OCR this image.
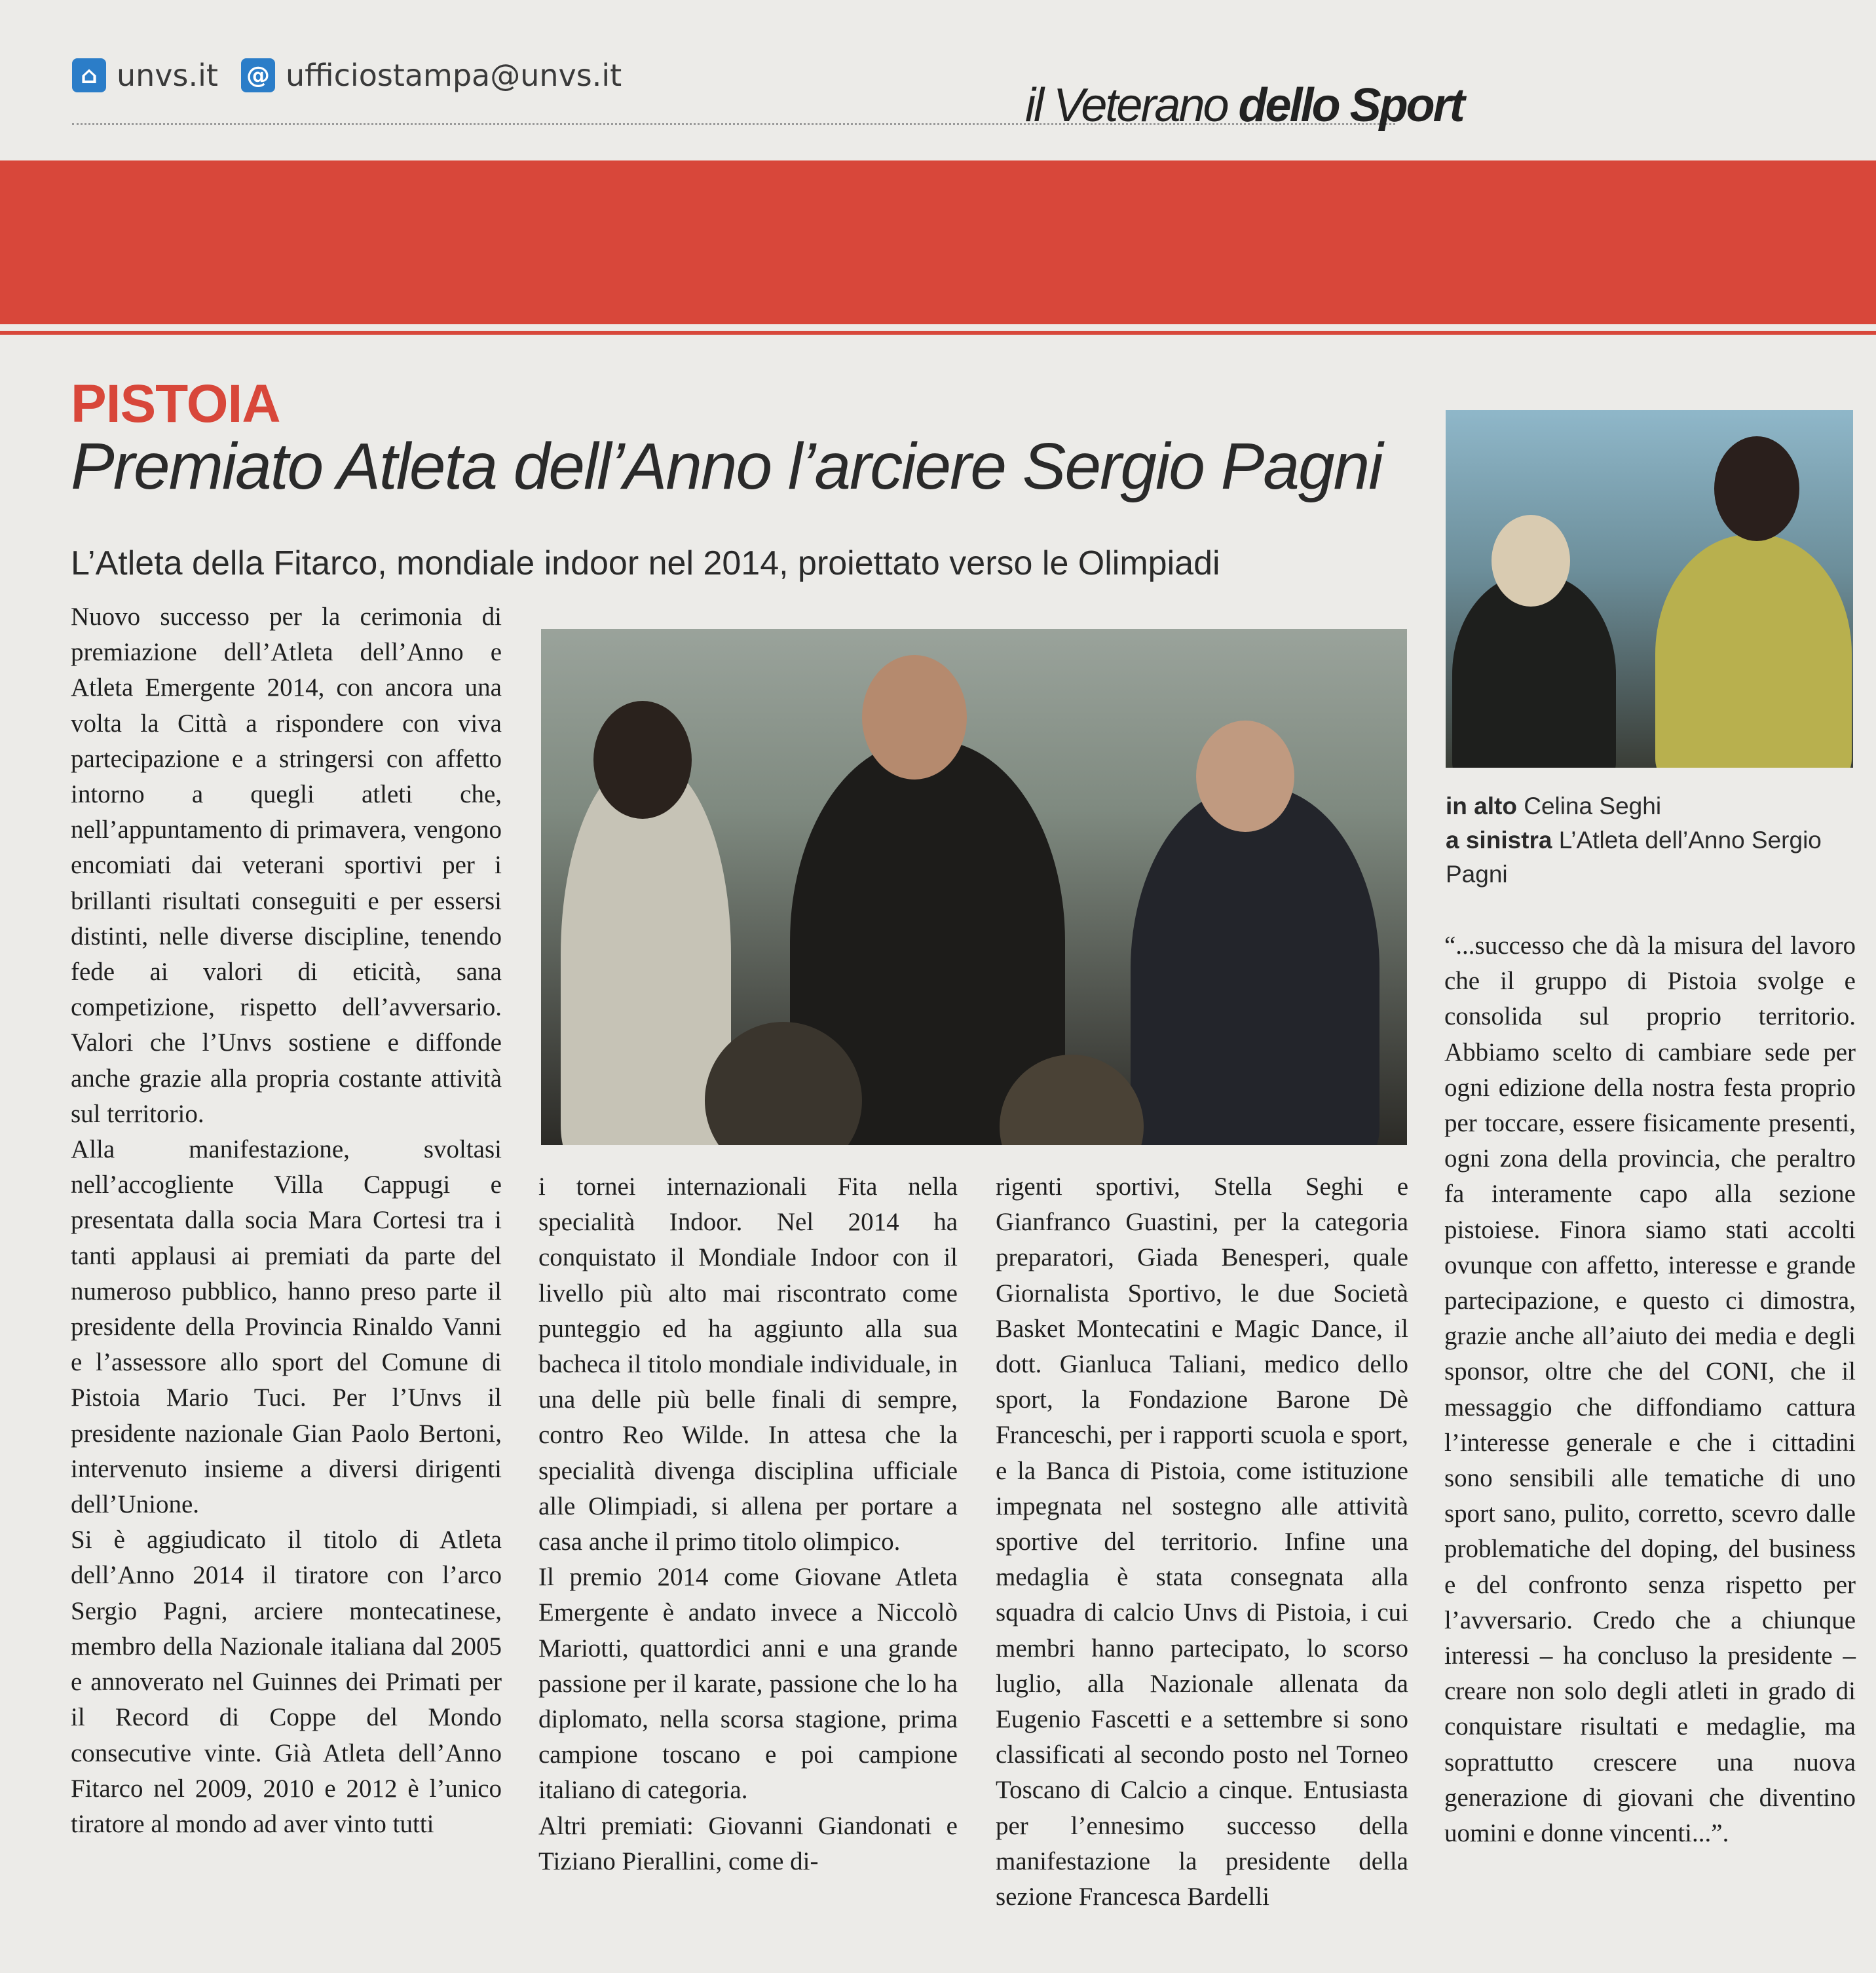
⌂ unvs.it @ ufficiostampa@unvs.it
il Veterano dello Sport
PISTOIA
Premiato Atleta dell’Anno l’arciere Sergio Pagni
L’Atleta della Fitarco, mondiale indoor nel 2014, proiettato verso le Olimpiadi

Nuovo successo per la cerimonia di premiazione dell’Atleta dell’Anno e Atleta Emergente 2014, con ancora una volta la Città a rispondere con viva partecipazione e a stringersi con affetto intorno a quegli atleti che, nell’appuntamento di primavera, vengono encomiati dai veterani sportivi per i brillanti risultati conseguiti e per essersi distinti, nelle diverse discipline, tenendo fede ai valori di eticità, sana competizione, rispetto dell’avversario. Valori che l’Unvs sostiene e diffonde anche grazie alla propria costante attività sul territorio.

Alla manifestazione, svoltasi nell’accogliente Villa Cappugi e presentata dalla socia Mara Cortesi tra i tanti applausi ai premiati da parte del numeroso pubblico, hanno preso parte il presidente della Provincia Rinaldo Vanni e l’assessore allo sport del Comune di Pistoia Mario Tuci. Per l’Unvs il presidente nazionale Gian Paolo Bertoni, intervenuto insieme a diversi dirigenti dell’Unione.

Si è aggiudicato il titolo di Atleta dell’Anno 2014 il tiratore con l’arco Sergio Pagni, arciere montecatinese, membro della Nazionale italiana dal 2005 e annoverato nel Guinnes dei Primati per il Record di Coppe del Mondo consecutive vinte. Già Atleta dell’Anno Fitarco nel 2009, 2010 e 2012 è l’unico tiratore al mondo ad aver vinto tutti

in alto Celina Seghi
a sinistra L’Atleta dell’Anno Sergio Pagni

i tornei internazionali Fita nella specialità Indoor. Nel 2014 ha conquistato il Mondiale Indoor con il livello più alto mai riscontrato come punteggio ed ha aggiunto alla sua bacheca il titolo mondiale individuale, in una delle più belle finali di sempre, contro Reo Wilde. In attesa che la specialità divenga disciplina ufficiale alle Olimpiadi, si allena per portare a casa anche il primo titolo olimpico.

Il premio 2014 come Giovane Atleta Emergente è andato invece a Niccolò Mariotti, quattordici anni e una grande passione per il karate, passione che lo ha diplomato, nella scorsa stagione, prima campione toscano e poi campione italiano di categoria.

Altri premiati: Giovanni Giandonati e Tiziano Pierallini, come di-

rigenti sportivi, Stella Seghi e Gianfranco Guastini, per la categoria preparatori, Giada Benesperi, quale Giornalista Sportivo, le due Società Basket Montecatini e Magic Dance, il dott. Gianluca Taliani, medico dello sport, la Fondazione Barone Dè Franceschi, per i rapporti scuola e sport, e la Banca di Pistoia, come istituzione impegnata nel sostegno alle attività sportive del territorio. Infine una medaglia è stata consegnata alla squadra di calcio Unvs di Pistoia, i cui membri hanno partecipato, lo scorso luglio, alla Nazionale allenata da Eugenio Fascetti e a settembre si sono classificati al secondo posto nel Torneo Toscano di Calcio a cinque. Entusiasta per l’ennesimo successo della manifestazione la presidente della sezione Francesca Bardelli

“...successo che dà la misura del lavoro che il gruppo di Pistoia svolge e consolida sul proprio territorio. Abbiamo scelto di cambiare sede per ogni edizione della nostra festa proprio per toccare, essere fisicamente presenti, ogni zona della provincia, che peraltro fa interamente capo alla sezione pistoiese. Finora siamo stati accolti ovunque con affetto, interesse e grande partecipazione, e questo ci dimostra, grazie anche all’aiuto dei media e degli sponsor, oltre che del CONI, che il messaggio che diffondiamo cattura l’interesse generale e che i cittadini sono sensibili alle tematiche di uno sport sano, pulito, corretto, scevro dalle problematiche del doping, del business e del confronto senza rispetto per l’avversario. Credo che a chiunque interessi – ha concluso la presidente – creare non solo degli atleti in grado di conquistare risultati e medaglie, ma soprattutto crescere una nuova generazione di giovani che diventino uomini e donne vincenti...”.
